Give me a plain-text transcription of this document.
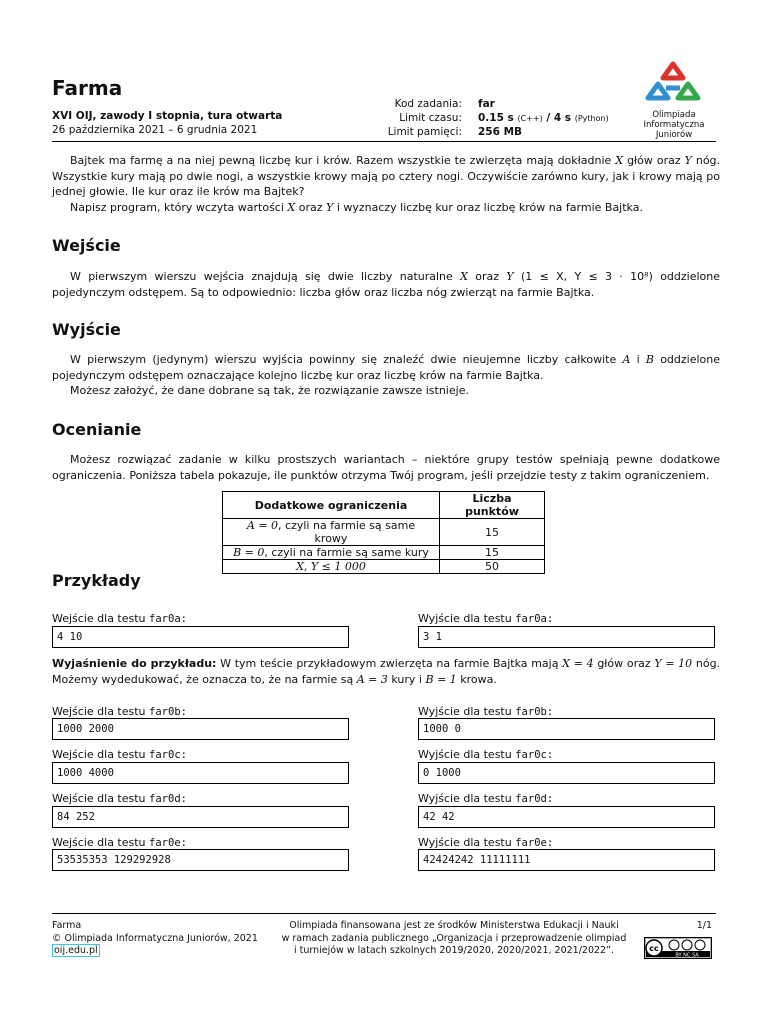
Farma
XVI OIJ, zawody I stopnia, tura otwarta
26 października 2021 – 6 grudnia 2021
Kod zadania: far
Limit czasu: 0.15 s (C++) / 4 s (Python)
Limit pamięci: 256 MB
Olimpiada
Informatyczna
Juniorów
Bajtek ma farmę a na niej pewną liczbę kur i krów. Razem wszystkie te zwierzęta mają dokładnie X głów oraz Y nóg. Wszystkie kury mają po dwie nogi, a wszystkie krowy mają po cztery nogi. Oczywiście zarówno kury, jak i krowy mają po jednej głowie. Ile kur oraz ile krów ma Bajtek?
Napisz program, który wczyta wartości X oraz Y i wyznaczy liczbę kur oraz liczbę krów na farmie Bajtka.
Wejście
W pierwszym wierszu wejścia znajdują się dwie liczby naturalne X oraz Y (1 ≤ X, Y ≤ 3 · 10⁸) oddzielone pojedynczym odstępem. Są to odpowiednio: liczba głów oraz liczba nóg zwierząt na farmie Bajtka.
Wyjście
W pierwszym (jedynym) wierszu wyjścia powinny się znaleźć dwie nieujemne liczby całkowite A i B oddzielone pojedynczym odstępem oznaczające kolejno liczbę kur oraz liczbę krów na farmie Bajtka.
Możesz założyć, że dane dobrane są tak, że rozwiązanie zawsze istnieje.
Ocenianie
Możesz rozwiązać zadanie w kilku prostszych wariantach – niektóre grupy testów spełniają pewne dodatkowe ograniczenia. Poniższa tabela pokazuje, ile punktów otrzyma Twój program, jeśli przejdzie testy z takim ograniczeniem.
Dodatkowe ograniczenia	Liczba punktów
A = 0, czyli na farmie są same krowy	15
B = 0, czyli na farmie są same kury	15
X, Y ≤ 1 000	50
Przykłady
Wejście dla testu far0a:	Wyjście dla testu far0a:
4 10	3 1
Wyjaśnienie do przykładu: W tym teście przykładowym zwierzęta na farmie Bajtka mają X = 4 głów oraz Y = 10 nóg. Możemy wydedukować, że oznacza to, że na farmie są A = 3 kury i B = 1 krowa.
Wejście dla testu far0b:	Wyjście dla testu far0b:
1000 2000	1000 0
Wejście dla testu far0c:	Wyjście dla testu far0c:
1000 4000	0 1000
Wejście dla testu far0d:	Wyjście dla testu far0d:
84 252	42 42
Wejście dla testu far0e:	Wyjście dla testu far0e:
53535353 129292928	42424242 11111111
Farma
© Olimpiada Informatyczna Juniorów, 2021
oij.edu.pl
Olimpiada finansowana jest ze środków Ministerstwa Edukacji i Nauki
w ramach zadania publicznego „Organizacja i przeprowadzenie olimpiad
i turniejów w latach szkolnych 2019/2020, 2020/2021, 2021/2022”.
1/1
cc
BY NC SA
